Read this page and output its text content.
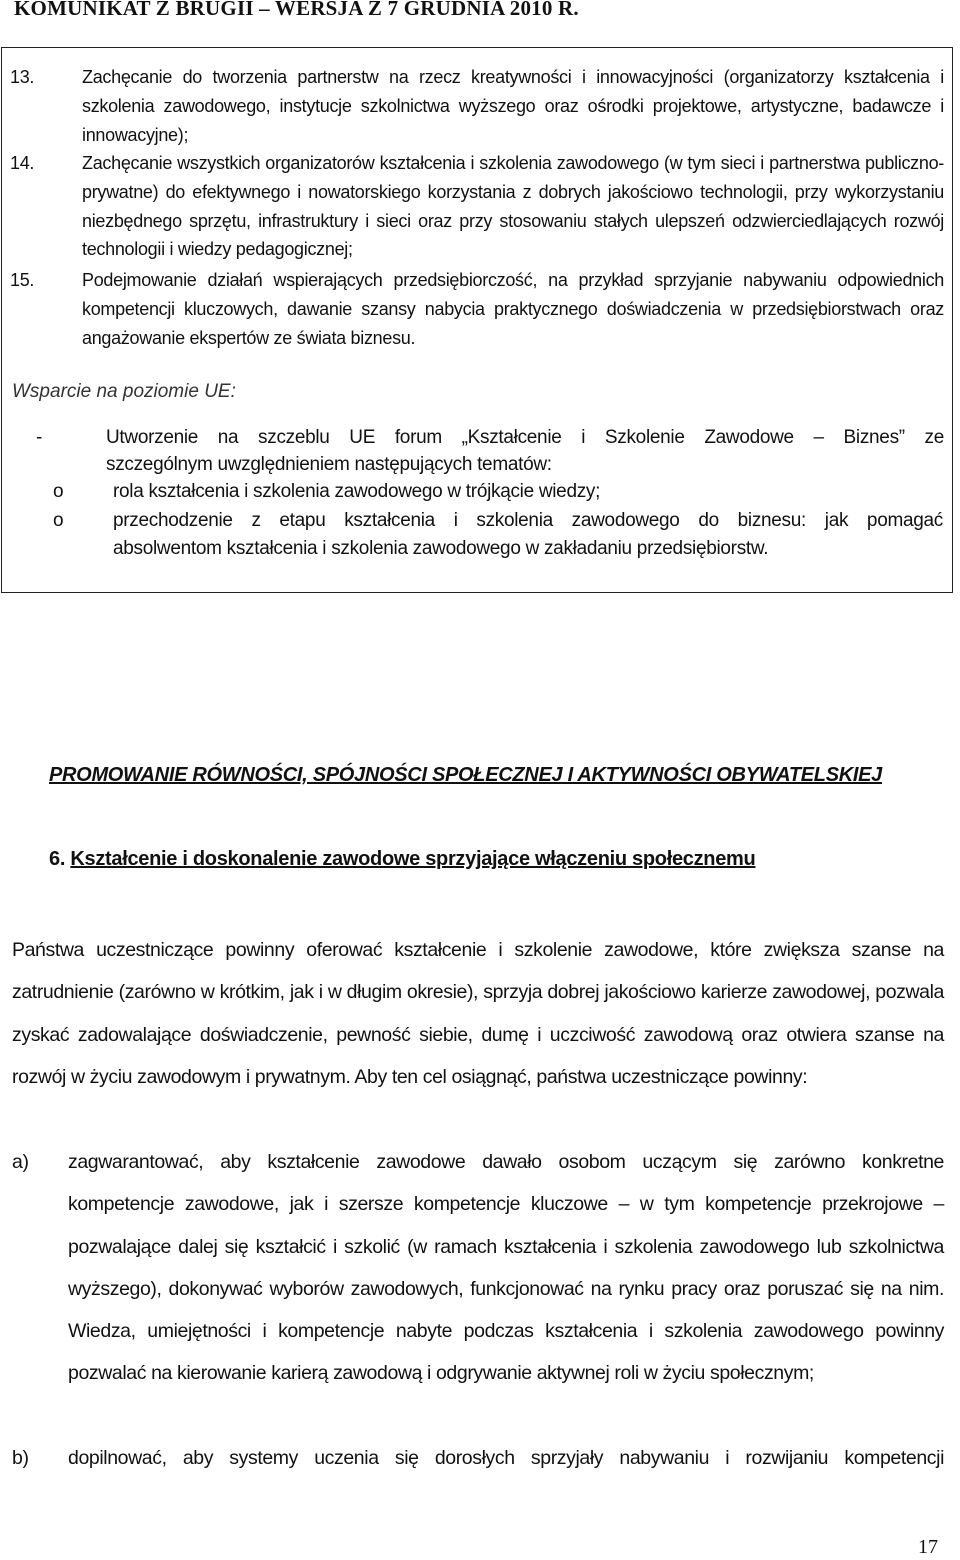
KOMUNIKAT Z BRUGII – WERSJA Z 7 GRUDNIA 2010 R.

13.	Zachęcanie do tworzenia partnerstw na rzecz kreatywności i innowacyjności (organizatorzy kształcenia i szkolenia zawodowego, instytucje szkolnictwa wyższego oraz ośrodki projektowe, artystyczne, badawcze i innowacyjne);

14.	Zachęcanie wszystkich organizatorów kształcenia i szkolenia zawodowego (w tym sieci i partnerstwa publiczno-prywatne) do efektywnego i nowatorskiego korzystania z dobrych jakościowo technologii, przy wykorzystaniu niezbędnego sprzętu, infrastruktury i sieci oraz przy stosowaniu stałych ulepszeń odzwierciedlających rozwój technologii i wiedzy pedagogicznej;

15.	Podejmowanie działań wspierających przedsiębiorczość, na przykład sprzyjanie nabywaniu odpowiednich kompetencji kluczowych, dawanie szansy nabycia praktycznego doświadczenia w przedsiębiorstwach oraz angażowanie ekspertów ze świata biznesu.

Wsparcie na poziomie UE:
-	Utworzenie na szczeblu UE forum „Kształcenie i Szkolenie Zawodowe – Biznes” ze
szczególnym uwzględnieniem następujących tematów:
o	rola kształcenia i szkolenia zawodowego w trójkącie wiedzy;
o	przechodzenie z etapu kształcenia i szkolenia zawodowego do biznesu: jak pomagać
absolwentom kształcenia i szkolenia zawodowego w zakładaniu przedsiębiorstw.
PROMOWANIE RÓWNOŚCI, SPÓJNOŚCI SPOŁECZNEJ I AKTYWNOŚCI OBYWATELSKIEJ
6. Kształcenie i doskonalenie zawodowe sprzyjające włączeniu społecznemu
Państwa uczestniczące powinny oferować kształcenie i szkolenie zawodowe, które zwiększa szanse na zatrudnienie (zarówno w krótkim, jak i w długim okresie), sprzyja dobrej jakościowo karierze zawodowej, pozwala zyskać zadowalające doświadczenie, pewność siebie, dumę i uczciwość zawodową oraz otwiera szanse na rozwój w życiu zawodowym i prywatnym. Aby ten cel osiągnąć, państwa uczestniczące powinny:
a) zagwarantować, aby kształcenie zawodowe dawało osobom uczącym się zarówno konkretne kompetencje zawodowe, jak i szersze kompetencje kluczowe – w tym kompetencje przekrojowe – pozwalające dalej się kształcić i szkolić (w ramach kształcenia i szkolenia zawodowego lub szkolnictwa wyższego), dokonywać wyborów zawodowych, funkcjonować na rynku pracy oraz poruszać się na nim. Wiedza, umiejętności i kompetencje nabyte podczas kształcenia i szkolenia zawodowego powinny pozwalać na kierowanie karierą zawodową i odgrywanie aktywnej roli w życiu społecznym;
b) dopilnować, aby systemy uczenia się dorosłych sprzyjały nabywaniu i rozwijaniu kompetencji
17
